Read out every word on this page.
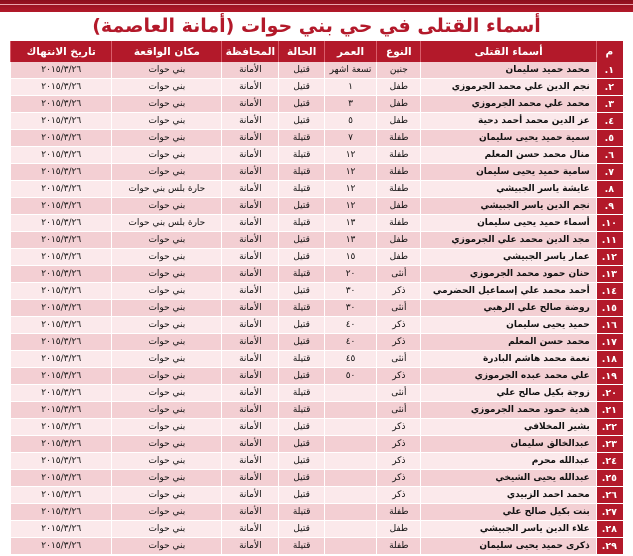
أسماء القتلى في حي بني حوات (أمانة العاصمة)
م	أسماء القتلى	النوع	العمر	الحالة	المحافظة	مكان الواقعة	تاريخ الانتهاك
١.	محمد حميد سليمان	جنين	تسعة اشهر	قتيل	الأمانة	بني حوات	٢٠١٥/٣/٢٦
٢.	نجم الدين علي محمد الجرموزي	طفل	١	قتيل	الأمانة	بني حوات	٢٠١٥/٣/٢٦
٣.	محمد علي محمد الجرموزي	طفل	٣	قتيل	الأمانة	بني حوات	٢٠١٥/٣/٢٦
٤.	عز الدين محمد أحمد دحية	طفل	٥	قتيل	الأمانة	بني حوات	٢٠١٥/٣/٢٦
٥.	سمية حميد يحيى سليمان	طفلة	٧	قتيلة	الأمانة	بني حوات	٢٠١٥/٣/٢٦
٦.	منال محمد حسن المعلم	طفلة	١٢	قتيلة	الأمانة	بني حوات	٢٠١٥/٣/٢٦
٧.	سامية حميد يحيى سليمان	طفلة	١٢	قتيلة	الأمانة	بني حوات	٢٠١٥/٣/٢٦
٨.	عايشة ياسر الجبيشي	طفلة	١٢	قتيلة	الأمانة	حارة بلس بني حوات	٢٠١٥/٣/٢٦
٩.	نجم الدين ياسر الجبيشي	طفل	١٢	قتيل	الأمانة	بني حوات	٢٠١٥/٣/٢٦
١٠.	أسماء حميد يحيى سليمان	طفلة	١٣	قتيلة	الأمانة	حارة بلس بني حوات	٢٠١٥/٣/٢٦
١١.	مجد الدين محمد علي الجرموزي	طفل	١٣	قتيل	الأمانة	بني حوات	٢٠١٥/٣/٢٦
١٢.	عمار ياسر الجبيشي	طفل	١٥	قتيل	الأمانة	بني حوات	٢٠١٥/٣/٢٦
١٣.	حنان حمود محمد الجرموزي	أنثى	٢٠	قتيلة	الأمانة	بني حوات	٢٠١٥/٣/٢٦
١٤.	أحمد محمد علي إسماعيل الحضرمي	ذكر	٣٠	قتيل	الأمانة	بني حوات	٢٠١٥/٣/٢٦
١٥.	روضة صالح علي الرهبي	أنثى	٣٠	قتيلة	الأمانة	بني حوات	٢٠١٥/٣/٢٦
١٦.	حميد يحيى سليمان	ذكر	٤٠	قتيل	الأمانة	بني حوات	٢٠١٥/٣/٢٦
١٧.	محمد حسن المعلم	ذكر	٤٠	قتيل	الأمانة	بني حوات	٢٠١٥/٣/٢٦
١٨.	نعمة محمد هاشم البادرة	أنثى	٤٥	قتيلة	الأمانة	بني حوات	٢٠١٥/٣/٢٦
١٩.	علي محمد عبده الجرموزي	ذكر	٥٠	قتيل	الأمانة	بني حوات	٢٠١٥/٣/٢٦
٢٠.	زوجة بكيل صالح علي	أنثى		قتيلة	الأمانة	بني حوات	٢٠١٥/٣/٢٦
٢١.	هدية حمود محمد الجرموزي	أنثى		قتيلة	الأمانة	بني حوات	٢٠١٥/٣/٢٦
٢٢.	بشير المخلافي	ذكر		قتيل	الأمانة	بني حوات	٢٠١٥/٣/٢٦
٢٣.	عبدالخالق سليمان	ذكر		قتيل	الأمانة	بني حوات	٢٠١٥/٣/٢٦
٢٤.	عبدالله محرم	ذكر		قتيل	الأمانة	بني حوات	٢٠١٥/٣/٢٦
٢٥.	عبدالله يحيى الشيخي	ذكر		قتيل	الأمانة	بني حوات	٢٠١٥/٣/٢٦
٢٦.	محمد احمد الزبيدي	ذكر		قتيل	الأمانة	بني حوات	٢٠١٥/٣/٢٦
٢٧.	بنت بكيل صالح علي	طفلة		قتيلة	الأمانة	بني حوات	٢٠١٥/٣/٢٦
٢٨.	علاء الدين ياسر الجبيشي	طفل		قتيل	الأمانة	بني حوات	٢٠١٥/٣/٢٦
٢٩.	ذكرى حميد يحيى سليمان	طفلة		قتيلة	الأمانة	بني حوات	٢٠١٥/٣/٢٦
